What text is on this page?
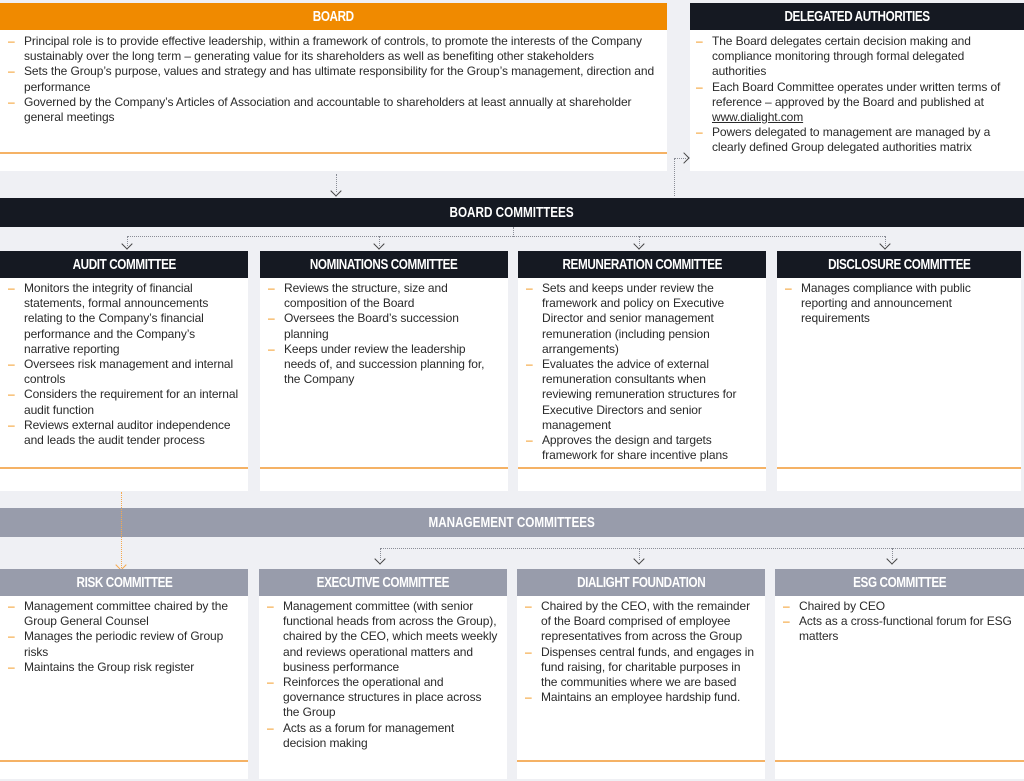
BOARD
– Principal role is to provide effective leadership, within a framework of controls, to promote the interests of the Company sustainably over the long term – generating value for its shareholders as well as benefiting other stakeholders
– Sets the Group’s purpose, values and strategy and has ultimate responsibility for the Group’s management, direction and performance
– Governed by the Company’s Articles of Association and accountable to shareholders at least annually at shareholder general meetings
DELEGATED AUTHORITIES
– The Board delegates certain decision making and compliance monitoring through formal delegated authorities
– Each Board Committee operates under written terms of reference – approved by the Board and published at www.dialight.com
– Powers delegated to management are managed by a clearly defined Group delegated authorities matrix
BOARD COMMITTEES
AUDIT COMMITTEE
– Monitors the integrity of financial statements, formal announcements relating to the Company’s financial performance and the Company’s narrative reporting
– Oversees risk management and internal controls
– Considers the requirement for an internal audit function
– Reviews external auditor independence and leads the audit tender process
NOMINATIONS COMMITTEE
– Reviews the structure, size and composition of the Board
– Oversees the Board’s succession planning
– Keeps under review the leadership needs of, and succession planning for, the Company
REMUNERATION COMMITTEE
– Sets and keeps under review the framework and policy on Executive Director and senior management remuneration (including pension arrangements)
– Evaluates the advice of external remuneration consultants when reviewing remuneration structures for Executive Directors and senior management
– Approves the design and targets framework for share incentive plans
DISCLOSURE COMMITTEE
– Manages compliance with public reporting and announcement requirements
MANAGEMENT COMMITTEES
RISK COMMITTEE
– Management committee chaired by the Group General Counsel
– Manages the periodic review of Group risks
– Maintains the Group risk register
EXECUTIVE COMMITTEE
– Management committee (with senior functional heads from across the Group), chaired by the CEO, which meets weekly and reviews operational matters and business performance
– Reinforces the operational and governance structures in place across the Group
– Acts as a forum for management decision making
DIALIGHT FOUNDATION
– Chaired by the CEO, with the remainder of the Board comprised of employee representatives from across the Group
– Dispenses central funds, and engages in fund raising, for charitable purposes in the communities where we are based
– Maintains an employee hardship fund.
ESG COMMITTEE
– Chaired by CEO
– Acts as a cross-functional forum for ESG matters
